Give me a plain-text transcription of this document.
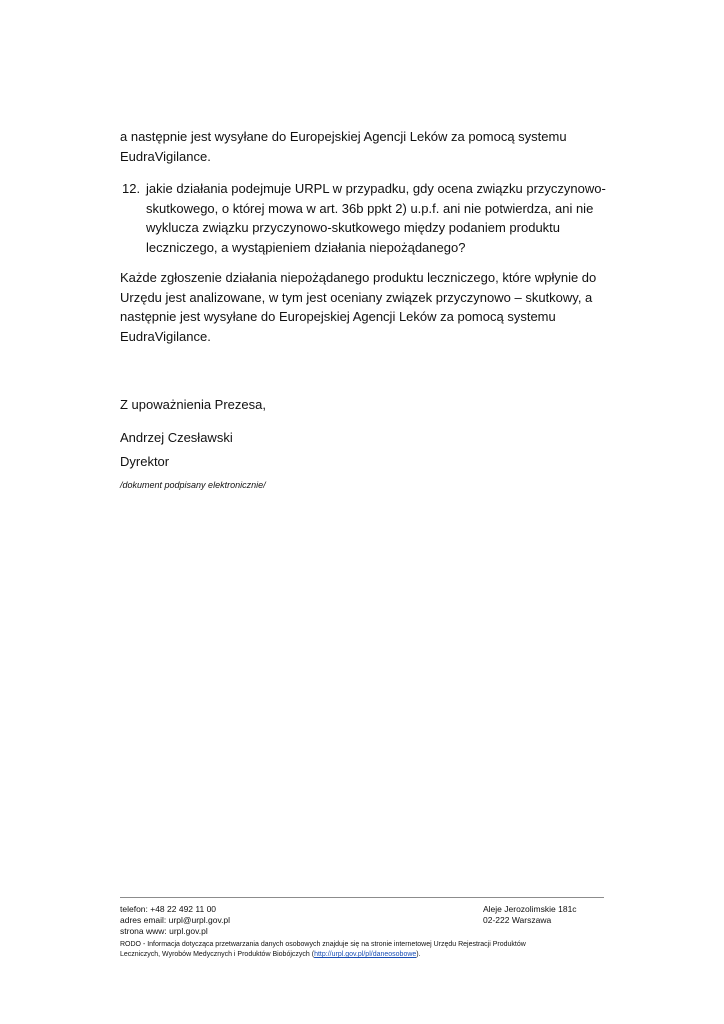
a następnie jest wysyłane do Europejskiej Agencji Leków za pomocą systemu
EudraVigilance.
12. jakie działania podejmuje URPL w przypadku, gdy ocena związku przyczynowo-
skutkowego, o której mowa w art. 36b ppkt 2) u.p.f. ani nie potwierdza, ani nie
wyklucza związku przyczynowo-skutkowego między podaniem produktu
leczniczego, a wystąpieniem działania niepożądanego?
Każde zgłoszenie działania niepożądanego produktu leczniczego, które wpłynie do
Urzędu jest analizowane, w tym jest oceniany związek przyczynowo – skutkowy, a
następnie jest wysyłane do Europejskiej Agencji Leków za pomocą systemu
EudraVigilance.
Z upoważnienia Prezesa,
Andrzej Czesławski
Dyrektor
/dokument podpisany elektronicznie/
telefon: +48 22 492 11 00
adres email: urpl@urpl.gov.pl
strona www: urpl.gov.pl
Aleje Jerozolimskie 181c
02-222 Warszawa
RODO - Informacja dotycząca przetwarzania danych osobowych znajduje się na stronie internetowej Urzędu Rejestracji Produktów
Leczniczych, Wyrobów Medycznych i Produktów Biobójczych (http://urpl.gov.pl/pl/daneosobowe).
